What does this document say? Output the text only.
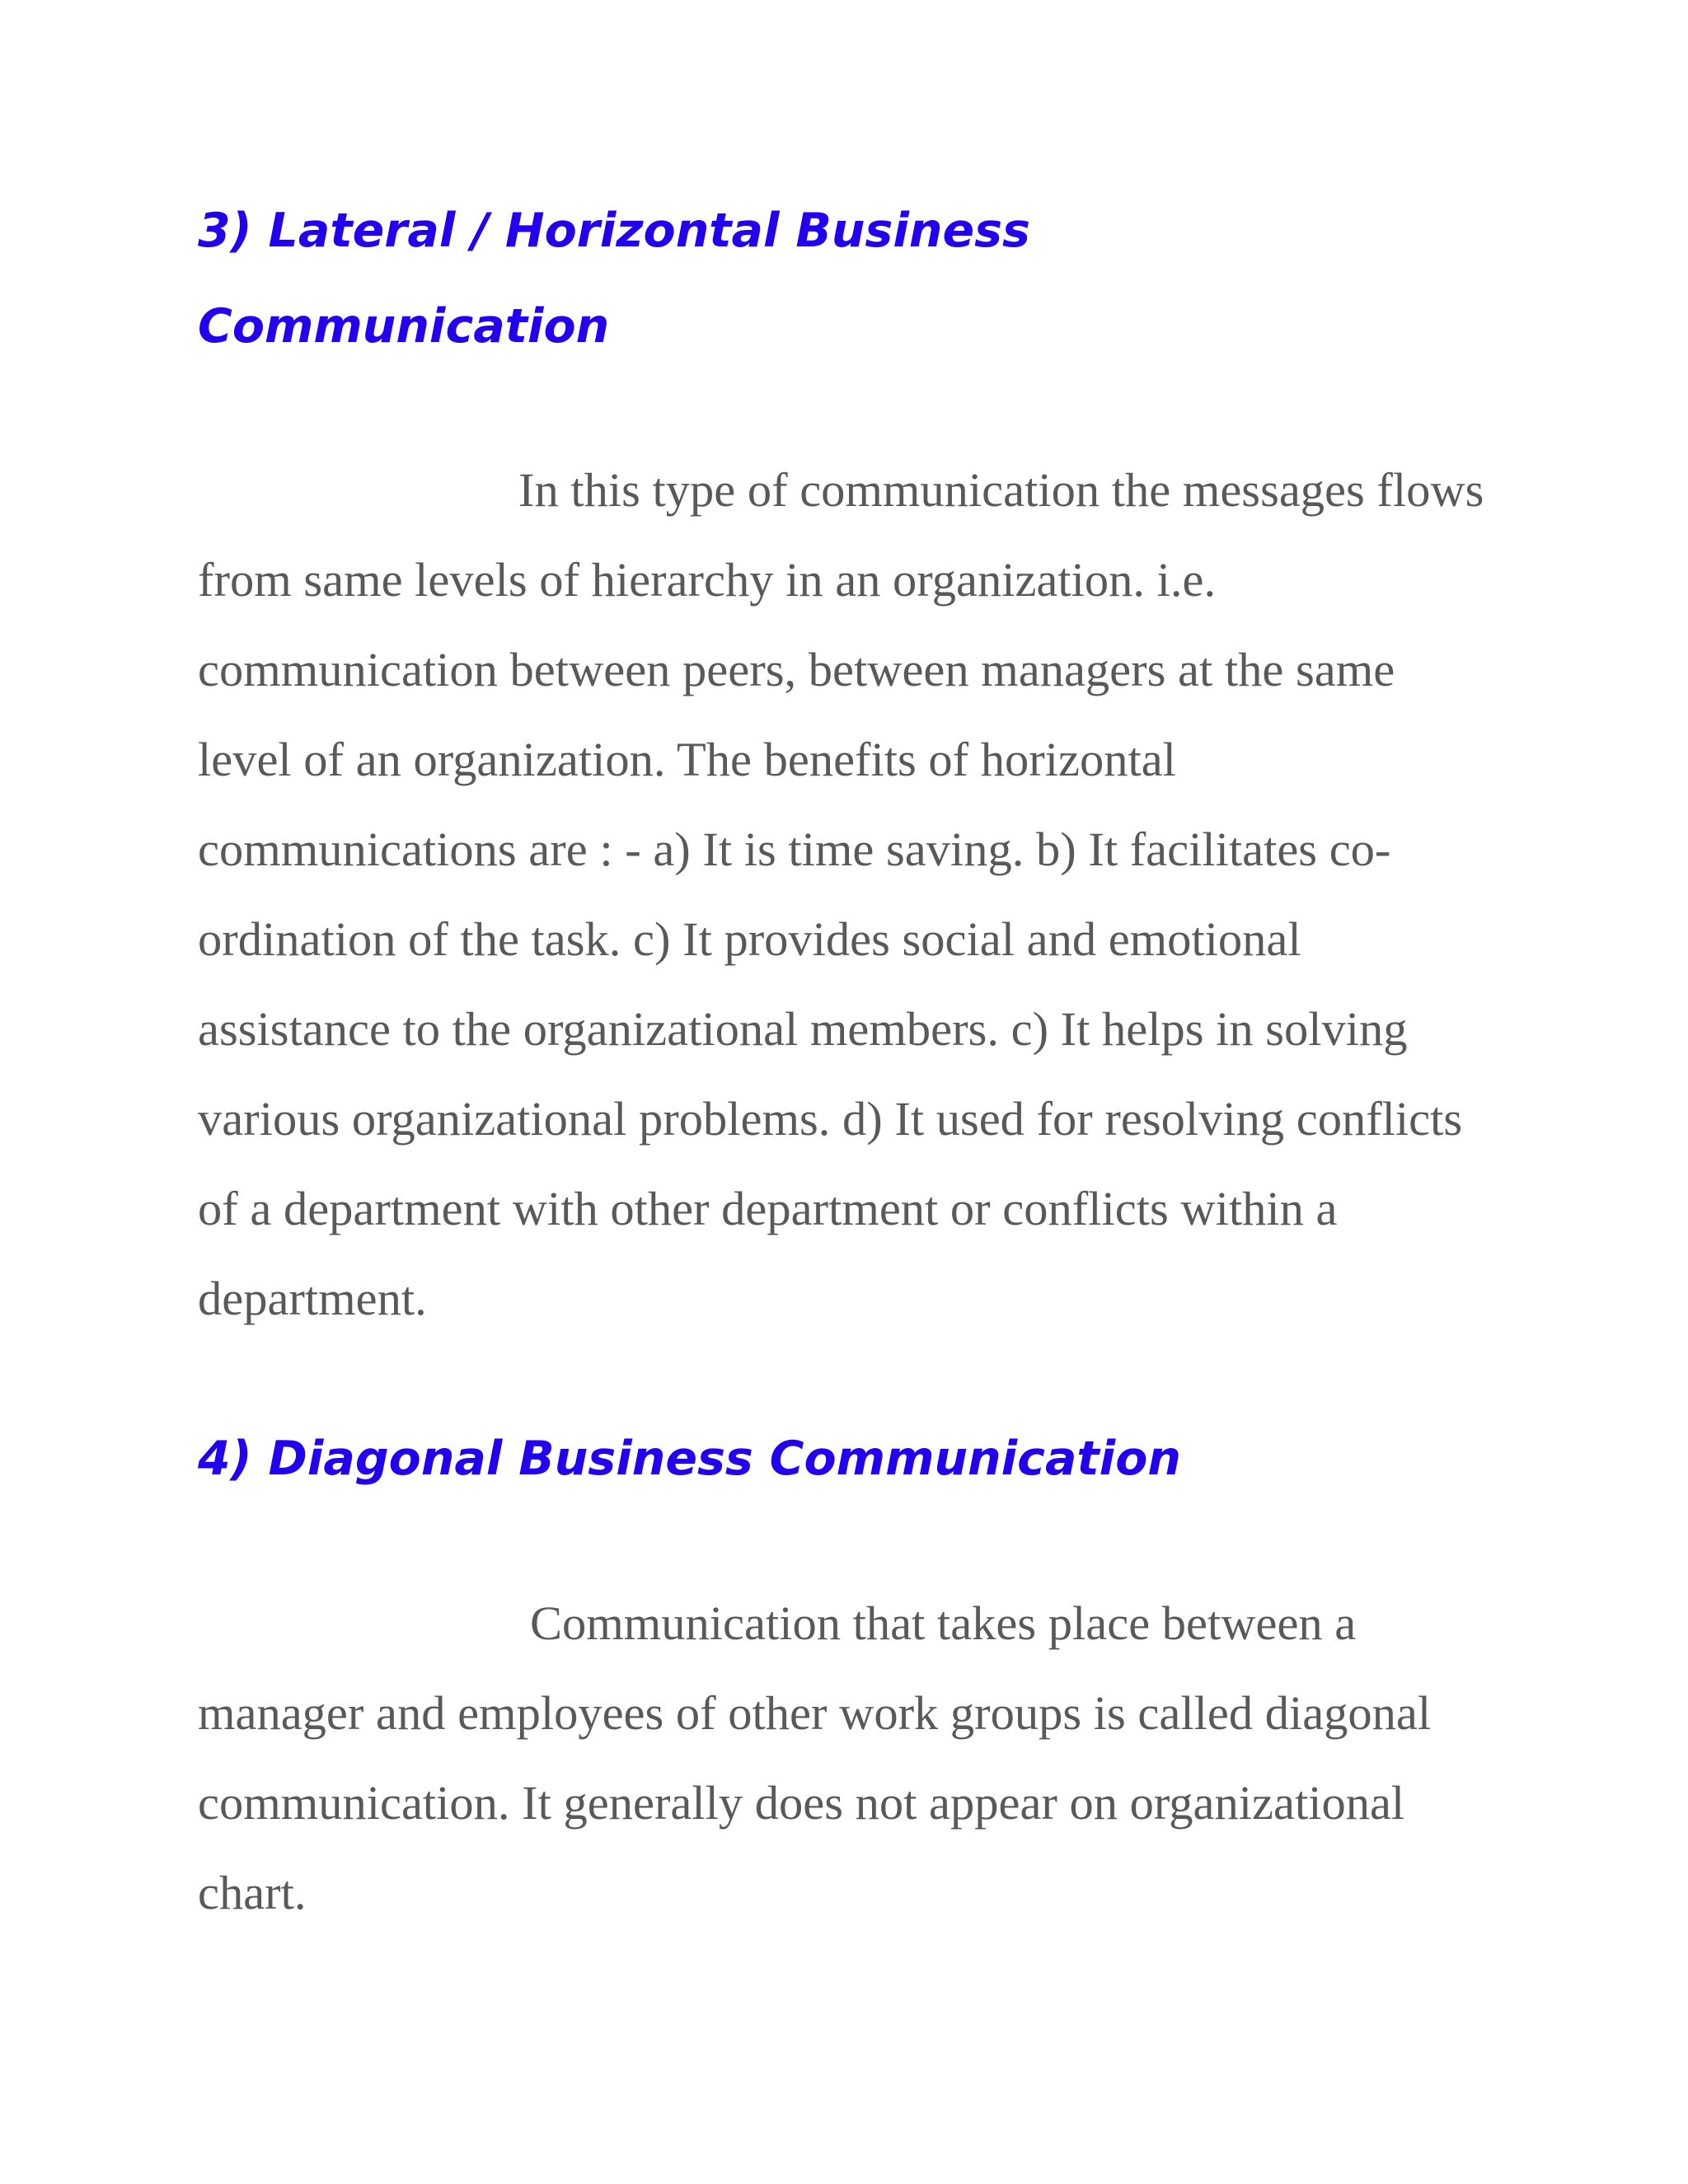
3) Lateral / Horizontal Business Communication

In this type of communication the messages flows from same levels of hierarchy in an organization. i.e. communication between peers, between managers at the same level of an organization. The benefits of horizontal communications are : - a) It is time saving. b) It facilitates co-ordination of the task. c) It provides social and emotional assistance to the organizational members. c) It helps in solving various organizational problems. d) It used for resolving conflicts of a department with other department or conflicts within a department.

4) Diagonal Business Communication

Communication that takes place between a manager and employees of other work groups is called diagonal communication. It generally does not appear on organizational chart.
